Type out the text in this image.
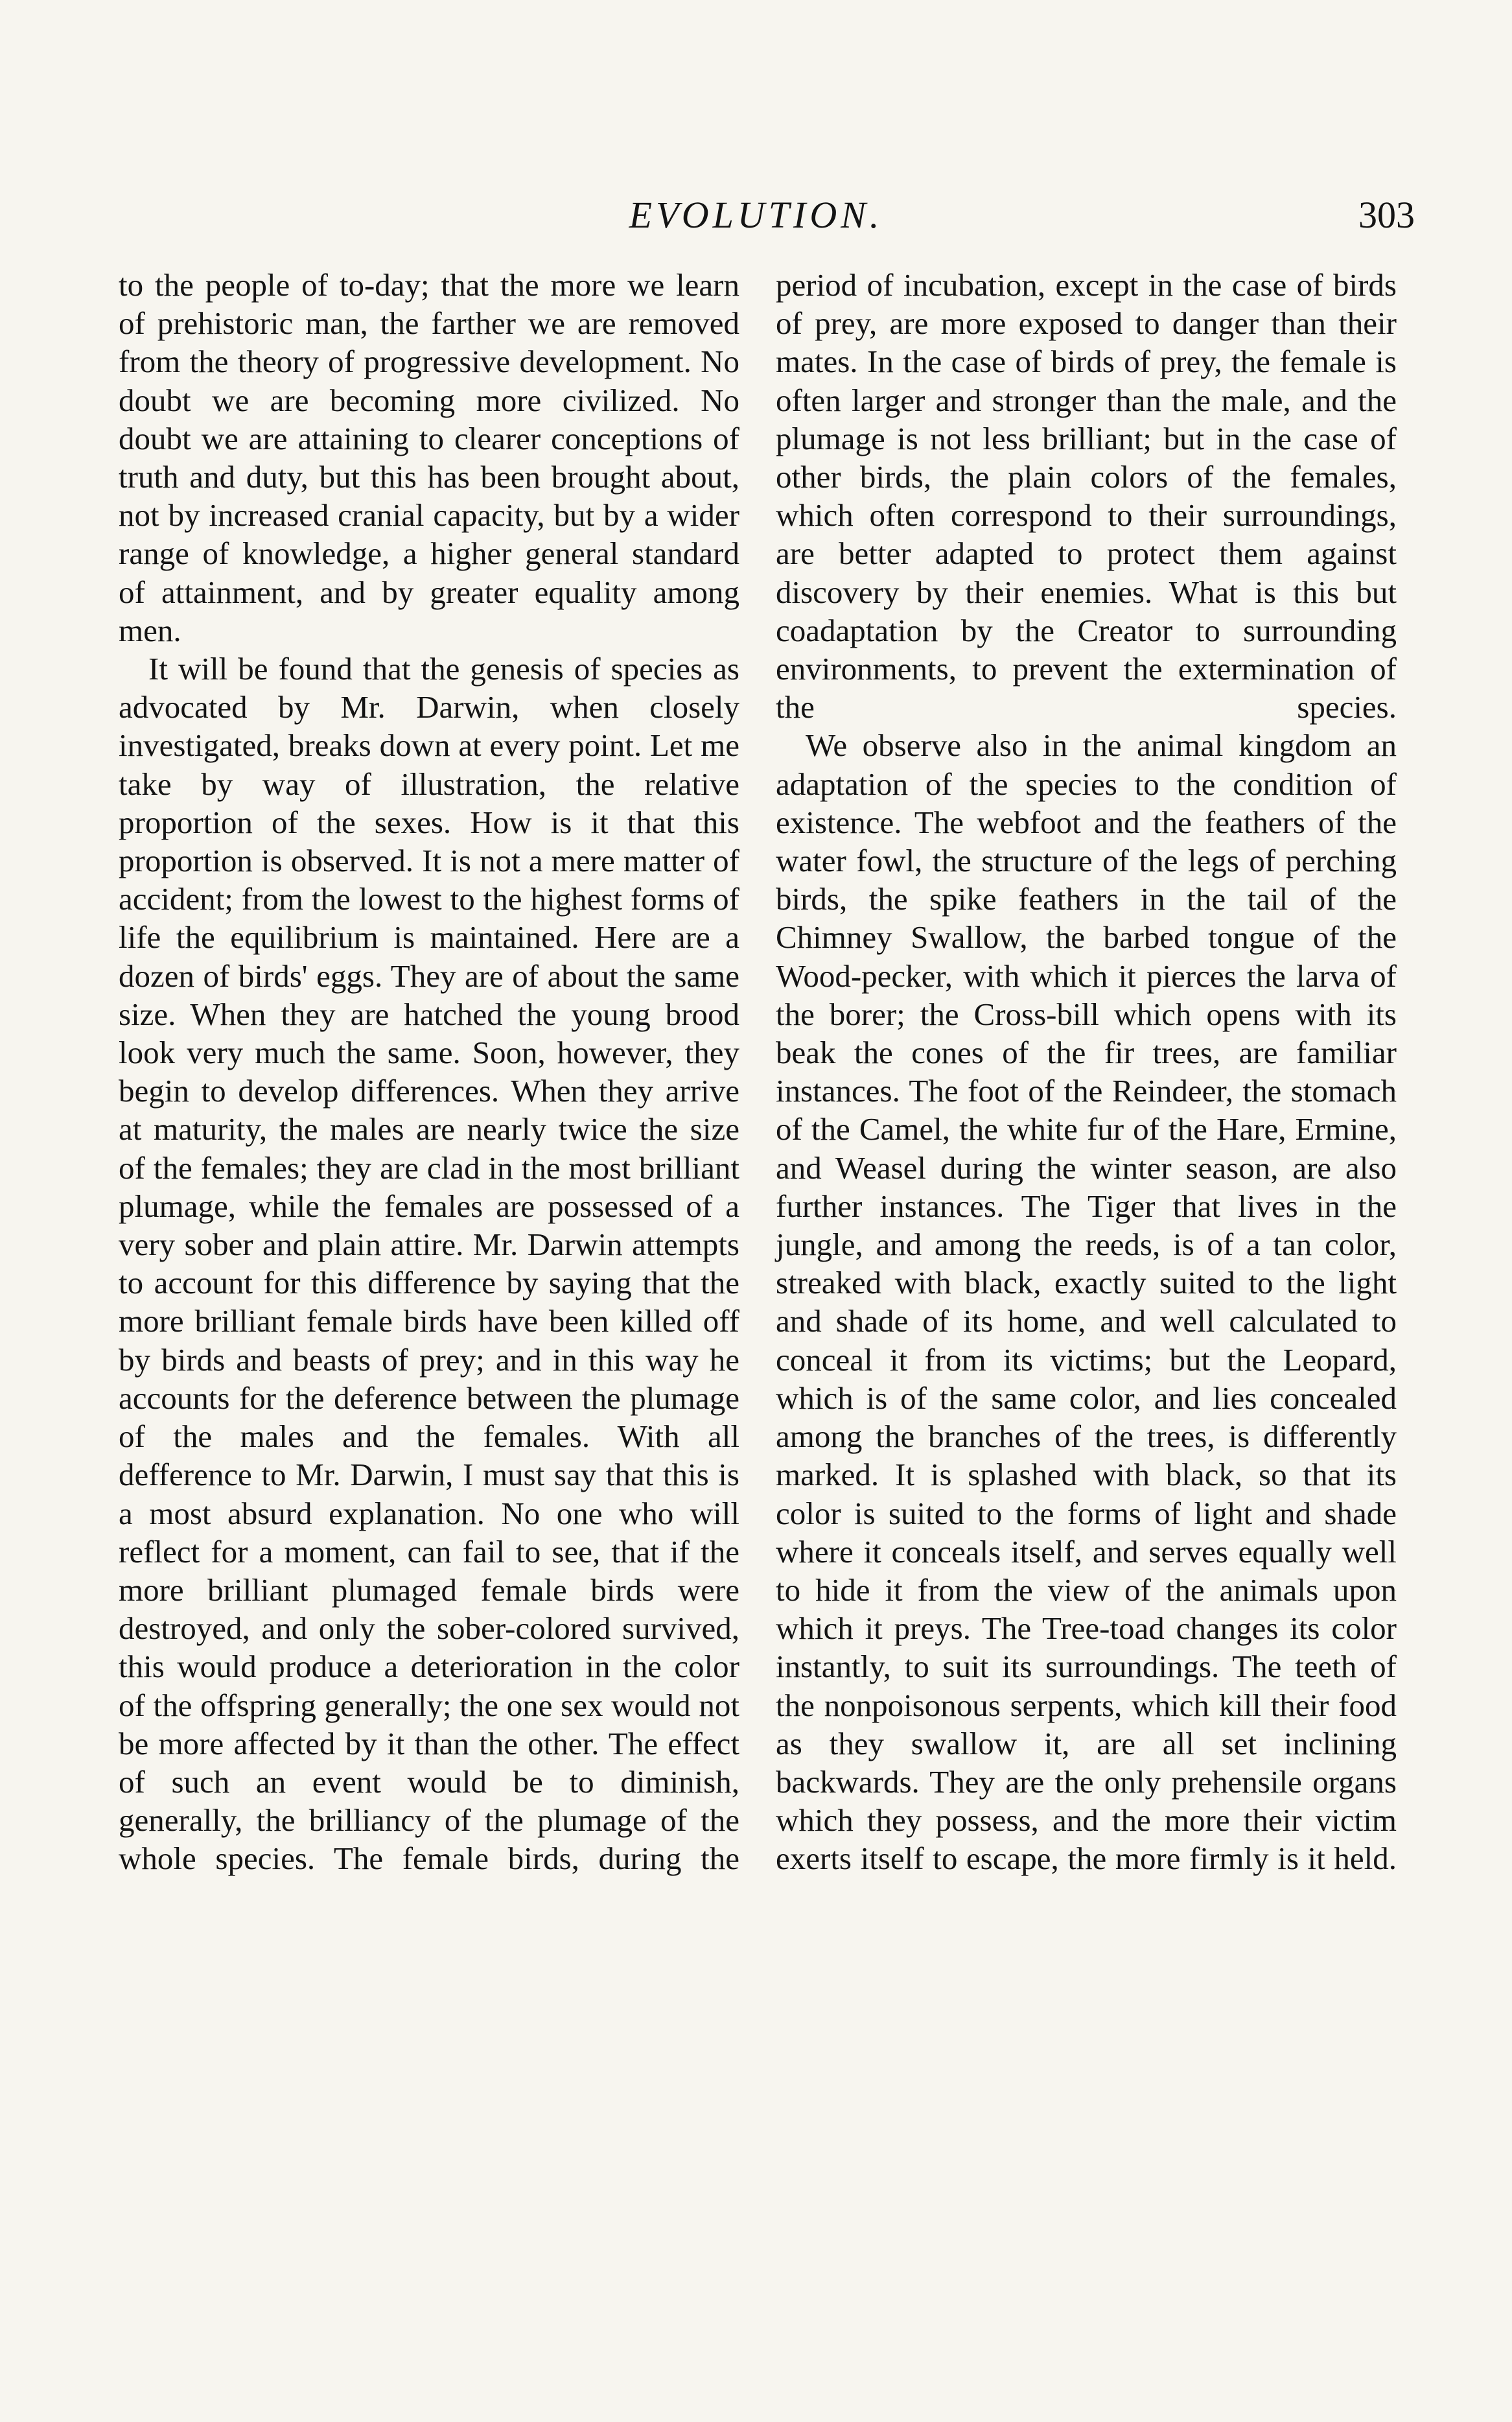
EVOLUTION.	303

to the people of to-day; that the more we learn of prehistoric man, the farther we are removed from the theory of progressive development. No doubt we are becoming more civilized. No doubt we are attaining to clearer conceptions of truth and duty, but this has been brought about, not by increased cranial capacity, but by a wider range of knowledge, a higher general standard of attainment, and by greater equality among men.

It will be found that the genesis of species as advocated by Mr. Darwin, when closely investigated, breaks down at every point. Let me take by way of illustration, the relative proportion of the sexes. How is it that this proportion is observed. It is not a mere matter of accident; from the lowest to the highest forms of life the equilibrium is maintained. Here are a dozen of birds' eggs. They are of about the same size. When they are hatched the young brood look very much the same. Soon, however, they begin to develop differences. When they arrive at maturity, the males are nearly twice the size of the females; they are clad in the most brilliant plumage, while the females are possessed of a very sober and plain attire. Mr. Darwin attempts to account for this difference by saying that the more brilliant female birds have been killed off by birds and beasts of prey; and in this way he accounts for the deference between the plumage of the males and the females. With all defference to Mr. Darwin, I must say that this is a most absurd explanation. No one who will reflect for a moment, can fail to see, that if the more brilliant plumaged female birds were destroyed, and only the sober-colored survived, this would produce a deterioration in the color of the offspring generally; the one sex would not be more affected by it than the other. The effect of such an event would be to diminish, generally, the brilliancy of the plumage of the whole species. The female birds, during the

period of incubation, except in the case of birds of prey, are more exposed to danger than their mates. In the case of birds of prey, the female is often larger and stronger than the male, and the plumage is not less brilliant; but in the case of other birds, the plain colors of the females, which often correspond to their surroundings, are better adapted to protect them against discovery by their enemies. What is this but coadaptation by the Creator to surrounding environments, to prevent the extermination of the species.

We observe also in the animal kingdom an adaptation of the species to the condition of existence. The webfoot and the feathers of the water fowl, the structure of the legs of perching birds, the spike feathers in the tail of the Chimney Swallow, the barbed tongue of the Wood-pecker, with which it pierces the larva of the borer; the Cross-bill which opens with its beak the cones of the fir trees, are familiar instances. The foot of the Reindeer, the stomach of the Camel, the white fur of the Hare, Ermine, and Weasel during the winter season, are also further instances. The Tiger that lives in the jungle, and among the reeds, is of a tan color, streaked with black, exactly suited to the light and shade of its home, and well calculated to conceal it from its victims; but the Leopard, which is of the same color, and lies concealed among the branches of the trees, is differently marked. It is splashed with black, so that its color is suited to the forms of light and shade where it conceals itself, and serves equally well to hide it from the view of the animals upon which it preys. The Tree-toad changes its color instantly, to suit its surroundings. The teeth of the nonpoisonous serpents, which kill their food as they swallow it, are all set inclining backwards. They are the only prehensile organs which they possess, and the more their victim exerts itself to escape, the more firmly is it held.
